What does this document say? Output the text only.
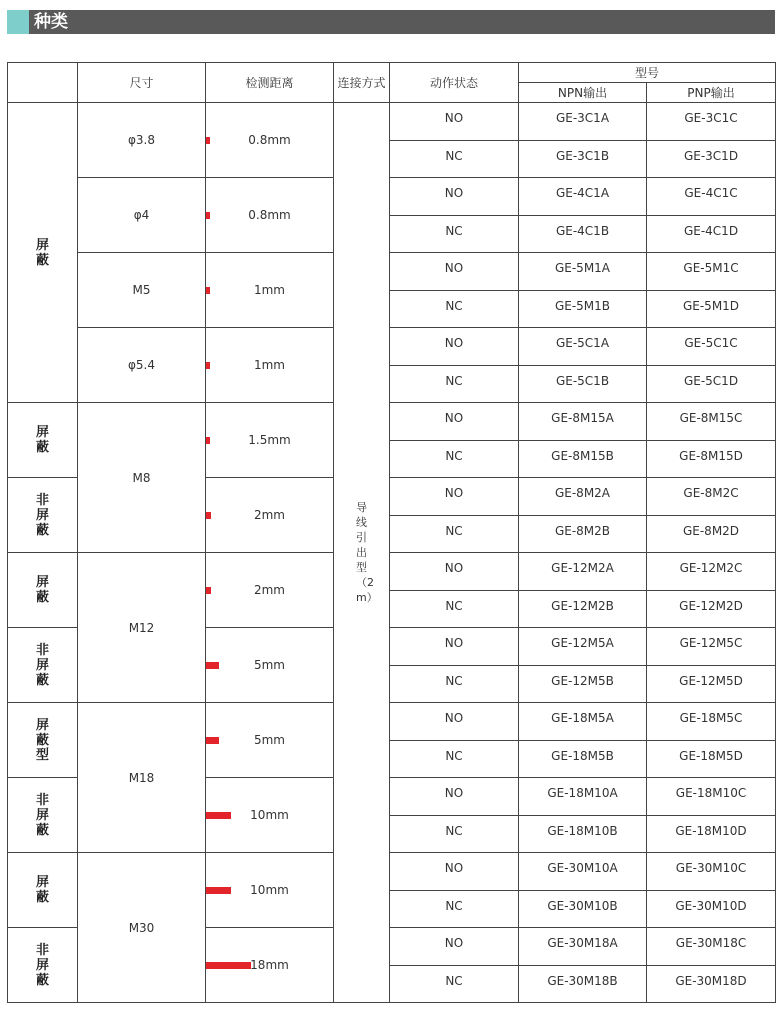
种类
	尺寸	检测距离	连接方式	动作状态	型号	
					NPN输出	PNP输出
屏蔽	φ3.8	0.8mm	导线引出型（2m）	NO	GE-3C1A	GE-3C1C
				NC	GE-3C1B	GE-3C1D
	φ4	0.8mm		NO	GE-4C1A	GE-4C1C
				NC	GE-4C1B	GE-4C1D
	M5	1mm		NO	GE-5M1A	GE-5M1C
				NC	GE-5M1B	GE-5M1D
	φ5.4	1mm		NO	GE-5C1A	GE-5C1C
				NC	GE-5C1B	GE-5C1D
屏蔽	M8	1.5mm		NO	GE-8M15A	GE-8M15C
				NC	GE-8M15B	GE-8M15D
非屏蔽		2mm		NO	GE-8M2A	GE-8M2C
				NC	GE-8M2B	GE-8M2D
屏蔽	M12	2mm		NO	GE-12M2A	GE-12M2C
				NC	GE-12M2B	GE-12M2D
非屏蔽		5mm		NO	GE-12M5A	GE-12M5C
				NC	GE-12M5B	GE-12M5D
屏蔽型	M18	5mm		NO	GE-18M5A	GE-18M5C
				NC	GE-18M5B	GE-18M5D
非屏蔽		10mm		NO	GE-18M10A	GE-18M10C
				NC	GE-18M10B	GE-18M10D
屏蔽	M30	10mm		NO	GE-30M10A	GE-30M10C
				NC	GE-30M10B	GE-30M10D
非屏蔽		18mm		NO	GE-30M18A	GE-30M18C
				NC	GE-30M18B	GE-30M18D
